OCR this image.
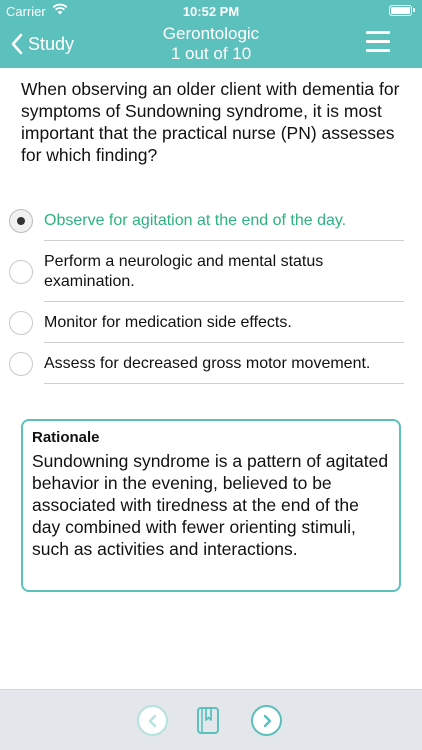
Carrier	10:52 PM
Study	Gerontologic
1 out of 10
When observing an older client with dementia for symptoms of Sundowning syndrome, it is most important that the practical nurse (PN) assesses for which finding?
Observe for agitation at the end of the day.
Perform a neurologic and mental status examination.
Monitor for medication side effects.
Assess for decreased gross motor movement.
Rationale
Sundowning syndrome is a pattern of agitated behavior in the evening, believed to be associated with tiredness at the end of the day combined with fewer orienting stimuli, such as activities and interactions.
